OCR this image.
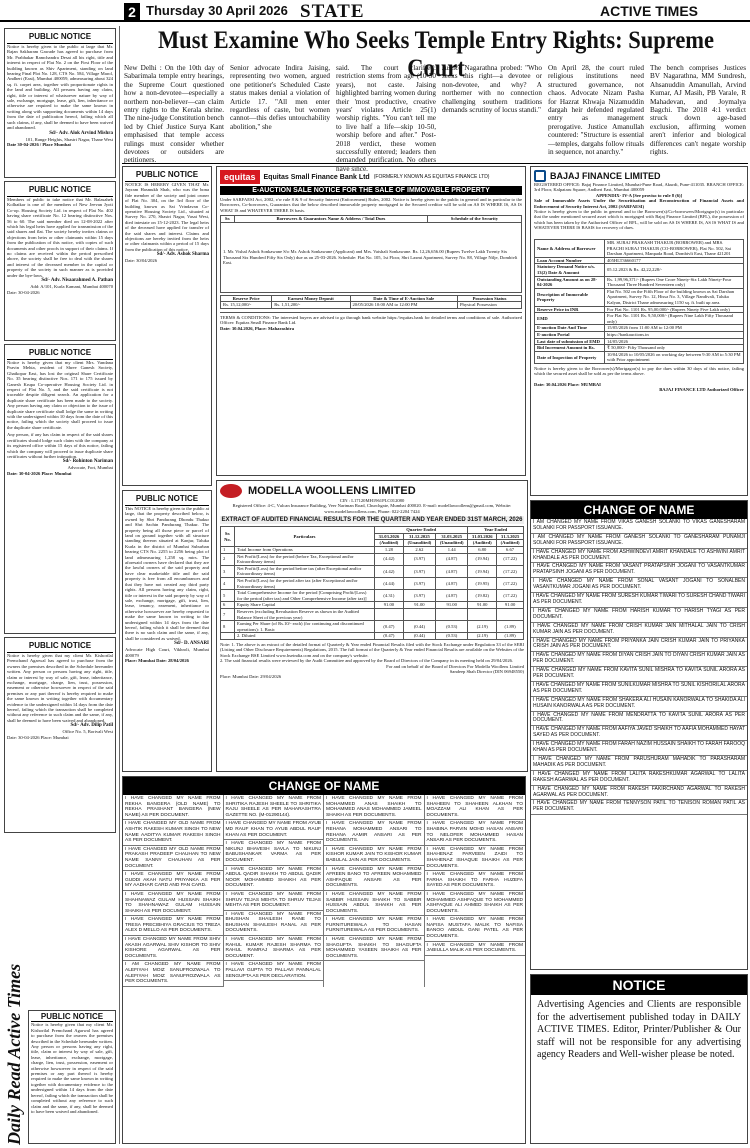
2 Thursday 30 April 2026 STATE	ACTIVE TIMES
PUBLIC NOTICE
Notice is hereby given to the public at large that Mr. Rajan Sakharam Gawade has agreed to purchase from Mr. Prabhakar Ramchandra Desai all his right, title and interest in respect of Flat No. 2 on the First Floor of the building known as Shiv Apartment, standing on land bearing Final Plot No. 128, CTS No. 584, Village Marol, Andheri (East), Mumbai 400059, admeasuring about 324 sq. ft. carpet area, together with proportionate rights in the land and building. All persons having any claim, right, title or interest of whatsoever nature by way of sale, exchange, mortgage, lease, gift, lien, inheritance or otherwise are required to make the same known in writing along with supporting documents within 14 days from the date of publication hereof, failing which all such claims, if any, shall be deemed to have been waived and abandoned.
Sd/- Adv. Alok Arvind Mishra
101, Range Heights, Shastri Nagar, Thane West
Date 30-04-2026 / Place Mumbai
PUBLIC NOTICE
Members of public to take notice that Mr. Balasaheb Kolhatkar is one of the members of New Jeevan Jyoti Co-op. Housing Society Ltd. in respect of Flat No. 402 having share certificate No. 12 bearing distinctive Nos. 56 to 60. The said member died on 12-08-2022 after which his legal heirs have applied for transmission of the said shares and flat. The society hereby invites claims or objections from heirs or other claimants within 15 days from the publication of this notice, with copies of such documents and other proofs in support of their claims. If no claims are received within the period prescribed above, the society shall be free to deal with the shares and interest of the deceased member in the capital or property of the society in such manner as is provided under the bye-laws.
Sd/- Adv. Nisaarahmed A. Pathan
Add: A/101, Kurla Kamani, Mumbai 400070
Date: 30-04-2026
PUBLIC NOTICE
Notice is hereby given that my client Mrs. Vandana Pravin Mehta, resident of Shree Ganesh Society, Ghatkopar East, has lost the original Share Certificate No. 35 bearing distinctive Nos. 171 to 175 issued by Ganesh Krupa Co-operative Housing Society Ltd. in respect of Flat No. 5, and the said certificate is not traceable despite diligent search. An application for a duplicate share certificate has been made to the society. Any person having any claim or objection to the issue of duplicate share certificate shall lodge the same in writing with the undersigned within 10 days from the date of this notice, failing which the society shall proceed to issue the duplicate share certificate.
Any person, if any has claim in respect of the said shares certificates should lodge such claim with the company at its registered office within 15 days of this notice, failing which the company will proceed to issue duplicate share certificates without further intimation.
Sd/- Rohinton Nariman
Advocate, Fort, Mumbai
Date: 30-04-2026 Place: Mumbai
PUBLIC NOTICE
Notice is hereby given that my client Mr. Kishorilal Premchand Agarwal has agreed to purchase from the owners the premises described in the Schedule hereunder written. Any person or persons having any right, title, claim or interest by way of sale, gift, lease, inheritance, exchange, mortgage, charge, lien, trust, possession, easement or otherwise howsoever in respect of the said premises or any part thereof is hereby required to make the same known in writing together with documentary evidence to the undersigned within 14 days from the date hereof, failing which the transaction shall be completed without any reference to such claim and the same, if any, shall be deemed to have been waived and abandoned.
Sd/- Adv. Dilip Patil
Office No. 5, Borivali West
Date: 30-04-2026 Place: Mumbai
Daily Read Active Times	PUBLIC NOTICE
Notice is hereby given that my client Mr. Kishorilal Premchand Agarwal has agreed to purchase from the owners the premises described in the Schedule hereunder written. Any person or persons having any right, title, claim or interest by way of sale, gift, lease, inheritance, exchange, mortgage, charge, lien, trust, possession, easement or otherwise howsoever in respect of the said premises or any part thereof is hereby required to make the same known in writing together with documentary evidence to the undersigned within 14 days from the date hereof, failing which the transaction shall be completed without any reference to such claim and the same, if any, shall be deemed to have been waived and abandoned.
Must Examine Who Seeks Temple Entry Rights: Supreme Court
New Delhi : On the 10th day of Sabarimala temple entry hearings, the Supreme Court questioned how a non-devotee—especially a northern non-believer—can claim entry rights to the Kerala shrine. The nine-judge Constitution bench led by Chief Justice Surya Kant emphasised that temple access rulings must consider whether devotees or outsiders are petitioners.
Senior advocate Indira Jaising, representing two women, argued one petitioner's Scheduled Caste status makes denial a violation of Article 17. "All men enter regardless of caste, but women cannot—this defies untouchability abolition," she
said. The court clarified: restriction stems from age (10-50 years), not caste. Jaising highlighted barring women during their 'most productive, creative years' violates Article 25(1) worship rights. "You can't tell me to live half a life—skip 10-50, worship before and after." Post-2018 verdict, these women successfully entered; leaders then demanded purification. No others have since.
Justice Nagarathna probed: "Who seeks this right—a devotee or non-devotee, and why? A northerner with no connection challenging southern traditions demands scrutiny of locus standi."
On April 28, the court ruled religious institutions need structured governance, not chaos. Advocate Nizam Pasha for Hazrat Khwaja Nizamuddin dargah heir defended regulated entry as management prerogative. Justice Amanullah countered: "Structure is essential—temples, dargahs follow rituals in sequence, not anarchy."
The bench comprises Justices BV Nagarathna, MM Sundresh, Ahsanuddin Amanullah, Arvind Kumar, AJ Masih, PB Varale, R Mahadevan, and Joymalya Bagchi. The 2018 4:1 verdict struck down age-based exclusion, affirming women aren't inferior and biological differences can't negate worship rights.
PUBLIC NOTICE
NOTICE IS HEREBY GIVEN THAT Mr. Jayram Hasmukh Shah, who was the bona fide member of the society and joint owner of Flat No. 304, on the 3rd floor of the building known as Sai Vrindavan Co-operative Housing Society Ltd., situated at Survey No. 270, Shastri Nagar, Vasai West, died intestate on 15-12-2023. The legal heirs of the deceased have applied for transfer of the said shares and interest. Claims and objections are hereby invited from the heirs or other claimants within a period of 15 days from the publication of this notice.
Sd/- Adv. Ashok Sharma
Date: 30/04/2026
equitas	Equitas Small Finance Bank Ltd (FORMERLY KNOWN AS EQUITAS FINANCE LTD)
E-AUCTION SALE NOTICE FOR THE SALE OF IMMOVABLE PROPERTY
Under SARFAESI Act, 2002, r/w rule 8 & 9 of Security Interest (Enforcement) Rules, 2002. Notice is hereby given to the public in general and in particular to the Borrowers, Co-borrowers, Guarantors that the below described immovable property mortgaged to the Secured creditor will be sold on AS IS WHERE IS, AS IS WHAT IS and WHATEVER THERE IS basis.
Sr.	Borrowers & Guarantors Name & Address / Total Dues	Schedule of the Security
1. Mr. Vishal Ashok Sonkawane S/o Mr. Ashok Sonkawane (Applicant) and Mrs. Vaishali Sonkawane. Rs. 12,26,656.00 (Rupees Twelve Lakh Twenty Six Thousand Six Hundred Fifty Six Only) due as on 25-03-2026. Schedule: Flat No. 105, 1st Floor, Shri Laxmi Apartment, Survey No. 88, Village Nilje, Dombivli East.
Reserve Price	Earnest Money Deposit	Date & Time of E-Auction Sale	Possession Status
Rs. 15,12,000/-	Rs. 1,51,200/-	20/05/2026 10:00 AM to 12:00 PM	Physical Possession
TERMS & CONDITIONS: The interested buyers are advised to go through bank website https://equitas.bank for detailed terms and conditions of sale. Authorized Officer: Equitas Small Finance Bank Ltd.
Date: 30.04.2026, Place: Maharashtra
BAJAJ FINANCE LIMITED
REGISTERED OFFICE: Bajaj Finance Limited, Mumbai-Pune Road, Akurdi, Pune-411035. BRANCH OFFICE: 3rd Floor, Kalpataru Square, Andheri East, Mumbai 400059
APPENDIX- IV-A [See proviso to rule 8 (6)]
Sale of Immovable Assets Under the Securitisation and Reconstruction of Financial Assets and Enforcement of Security Interest Act, 2002 (SARFAESI)
Notice is hereby given to the public in general and to the Borrower(s)/Co-borrowers/Mortgagor(s) in particular that the under mentioned secured asset which is mortgaged with Bajaj Finance Limited (BFL), the possession of which has been taken by the Authorised Officer of BFL, will be sold on AS IS WHERE IS, AS IS WHAT IS and WHATEVER THERE IS BASIS for recovery of dues.
Name & Address of Borrower	MR. SURAJ PRAKASH THAKUR (BORROWER) and MRS. PRACHI SURAJ THAKUR (CO-BORROWER), Flat No. 502, Sai Darshan Apartment, Manpada Road, Dombivli East, Thane 421201
Loan Account Number	405HLT36660177
Statutory Demand Notice u/s. 13(2) Date & Amount	05.12.2023 & Rs. 42,22,228/-
Outstanding Amount as on 28-04-2026	Rs. 1,99,96,371/- (Rupees One Crore Ninety-Six Lakh Ninety-Four Thousand Three Hundred Seventeen only)
Description of Immovable Property	Flat No. 502 on the Fifth Floor of the building known as Sai Darshan Apartment, Survey No. 12, Hissa No. 3, Village Nandivali, Taluka Kalyan, District Thane admeasuring 1150 sq. ft. built up area.
Reserve Price in INR	For Flat No. 1101 Rs. 95,00,000/- (Rupees Ninety Five Lakh only)
EMD	For Flat No. 1101 Rs. 9,50,000/- (Rupees Nine Lakh Fifty Thousand only)
E-auction Date And Time	15/05/2026 from 11:00 AM to 12:00 PM
E-auction Portal	https://bankauctions.in
Last date of submission of EMD	14/05/2026
Bid Increment Amount in Rs.	₹ 50,000/- Fifty Thousand only
Date of Inspection of Property	10/04/2026 to 10/05/2026 on working day between 9:30 AM to 5:30 PM with Prior appointment
Notice is hereby given to the Borrower(s)/Mortgagor(s) to pay the dues within 30 days of this notice, failing which the secured asset shall be sold as per the terms above.
Date: 30.04.2026 Place: MUMBAI
BAJAJ FINANCE LTD Authorized Officer
PUBLIC NOTICE
This NOTICE is hereby given to the public at large, that the property described below, is owned by Shri Pandurang Dhondu Thakur and Shri Sachin Pandurang Thakur. The property being all those piece or parcel of land on ground together with all structure standing thereon situated at Kanjur, Taluka Kurla in the district of Mumbai Suburban bearing CTS No. 2255 to 2256 being plot of land admeasuring 1,258 sq. mtrs. The aforesaid owners have declared that they are the lawful owners of the said property and have clear marketable title and the said property is free from all encumbrances and that they have not created any third party rights. All persons having any claim, right, title or interest in the said property by way of sale, exchange, mortgage, gift, trust, lien, lease, tenancy, easement, inheritance or otherwise howsoever are hereby requested to make the same known in writing to the undersigned within 14 days from the date hereof, failing which it shall be deemed that there is no such claim and the same, if any, shall be considered as waived.
Sd/- D. ANSARI
Advocate High Court, Vikhroli, Mumbai 400079
Place: Mumbai Date: 28/04/2026
MODELLA WOOLLENS LIMITED
CIN : L17120MH1961PLC012080
Registered Office: 4-C, Vulcan Insurance Building, Veer Nariman Road, Churchgate, Mumbai 400020. E-mail: modellawoollens@gmail.com, Website: www.modellawoollens.com, Phone: 022-2204 7424
EXTRACT OF AUDITED FINANCIAL RESULTS FOR THE QUARTER AND YEAR ENDED 31ST MARCH, 2026
Sr. No.	Particulars	Quarter Ended			Year Ended	
		31.03.2026	31.12.2025	31.03.2025	31.03.2026	31.3.2025
		(Audited)	(Unaudited)	(Unaudited)	(Audited)	(Audited)
1	Total Income from Operations	1.28	2.62	1.44	6.80	6.67
2	Net Profit/(Loss) for the period (before Tax, Exceptional and/or Extraordinary items)	(4.42)	(3.97)	(4.87)	(19.94)	(17.22)
3	Net Profit/(Loss) for the period before tax (after Exceptional and/or Extraordinary items)	(4.42)	(3.97)	(4.87)	(19.94)	(17.22)
4	Net Profit/(Loss) for the period after tax (after Exceptional and/or Extraordinary items)	(4.44)	(3.97)	(4.87)	(19.95)	(17.22)
5	Total Comprehensive Income for the period [Comprising Profit/(Loss) for the period (after tax) and Other Comprehensive Income (after tax)]	(4.31)	(3.97)	(4.87)	(19.82)	(17.22)
6	Equity Share Capital	91.00	91.00	91.00	91.00	91.00
7	Reserves (excluding Revaluation Reserve as shown in the Audited Balance Sheet of the previous year)					
8	Earning Per Share (of Rs.10/- each) (for continuing and discontinued operations): 1. Basic	(0.47)	(0.44)	(0.53)	(2.19)	(1.89)
	2. Diluted	(0.47)	(0.44)	(0.53)	(2.19)	(1.89)
Note: 1. The above is an extract of the detailed format of Quarterly & Year ended Financial Results filed with the Stock Exchange under Regulation 33 of the SEBI (Listing and Other Disclosure Requirements) Regulations, 2015. The full format of the Quarterly & Year ended Financial Results are available on the Websites of the Stock Exchange BSE Limited www.bseindia.com and on the company's website.
2. The said financial results were reviewed by the Audit Committee and approved by the Board of Directors of the Company in its meeting held on 29/04/2026.
For and on behalf of the Board of Directors For Modella Woollens Limited
Sandeep Shah Director (DIN 06948550)
Place: Mumbai Date: 29/04/2026
CHANGE OF NAME
I HAVE CHANGED MY NAME FROM REKHA BANGERA (OLD NAME) TO REKHA PRASHANT BANGERA (NEW NAME) AS PER DOCUMENT.
I HAVE CHANGED MY OLD NAME FROM ASHTIK RAKESH KUMAR SINGH TO NEW NAME AADITYA KUMAR RAKESH SINGH AS PER DOCUMENT.
I HAVE CHANGED MY OLD NAME FROM PRAKASH PRADEEP CHAUHAN TO NEW NAME SANNY CHAUHAN AS PER DOCUMENT.
I HAVE CHANGED MY NAME FROM GUDDI AKAH NATU PRIYANKA AS PER MY AADHAR CARD AND PAN CARD.
I HAVE CHANGED MY NAME FROM SHAHNAWAZ GULAM HUSSAIN SHAIKH TO SHAHNAWAZ GULAM HUSSAIN SHAIKH AS PER DOCUMENT.
I HAVE CHANGED MY NAME FROM TRESA PRECIBHIYA GRACIUS TO TREZA ALEX D MELLO AS PER DOCUMENTS.
I HAVE CHANGED MY NAME FROM SHIV AKASH AGARWAL SHIV KISHOR TO SHIV KISHORE AGARWAL AS PER DOCUMENTS.
I AM CHANGED MY NAME FROM ALEFIYAH MOIZ SANUFROZWALA TO ALEFIYAH MOIZ SANUFROZWALA AS PER DOCUMENTS.
I HAVE CHANGED MY NAME FROM SHRITIKA RAJESH SHEELE TO SHRITIKA RAJU SHEELE AS PER MAHARASHTRA GAZETTE NO. (M-01290144).
I HAVE CHANGED MY NAME FROM AYUB MD RAUF KHAN TO AYUB ABDUL RAUF KHAN AS PER DOCUMENT.
I HAVE CHANGED MY NAME FROM NIKUNJ BHAVESH SAVLA TO NIKUNJ BABUSHANKAR VARMA AS PER DOCUMENT.
I HAVE CHANGED MY NAME FROM ABDUL QADIR SHAIKH TO ABDUL QADIR NOOR MOHAMMED SHAIKH AS PER DOCUMENT.
I HAVE CHANGED MY NAME FROM SHRUV TEJAS MEHTA TO SHRUV TEJAS MEHTA AS PER DOCUMENT.
I HAVE CHANGED MY NAME FROM BHUSHAN SHAILESH RANE TO BHUSHAN SHAILESH RANAL AS PER DOCUMENTS.
I HAVE CHANGED MY NAME FROM RAHUL KUMAR RAJESH SHARMA TO RAHUL RAMRAJ SHARMA AS PER DOCUMENT.
I HAVE CHANGED MY NAME FROM PALLAVI GUPTA TO PALLAVI PANNALAL SENGUPTA AS PER DECLARATION.
I HAVE CHANGED MY NAME FROM MOHAMMED ANAS SHAIKH TO MOHAMMED ANAS MOHAMMED JAMEEL SHAIKH AS PER DOCUMENTS.
I HAVE CHANGED MY NAME FROM REHANA MOHAMMED ANSARI TO REHANA AAMIR ANSARI AS PER DOCUMENTS.
I HAVE CHANGED MY NAME FROM KISHOR KUMAR JAIN TO KISHOR KUMAR BABULAL JAIN AS PER DOCUMENTS.
I HAVE CHANGED MY NAME FROM AFREEN BANO TO AFREEN MOHAMMED ASHFAQUE ANSARI AS PER DOCUMENTS.
I HAVE CHANGED MY NAME FROM SABBIR HUSSAIN SHAIKH TO SABBIR HUSSAIN ABDUL SHAIKH AS PER DOCUMENTS.
I HAVE CHANGED MY NAME FROM FURNITUREWALA TO HASAN FURNITUREWALA AS PER DOCUMENTS.
I HAVE CHANGED MY NAME FROM SHAGUFTA SHAIKH TO SHAGUFTA MOHAMMED YASEEN SHAIKH AS PER DOCUMENTS.
I HAVE CHANGED MY NAME FROM SHAHEEN TO SHAHEEN ALKHAN TO MOAZZAM ALI KHAN AS PER DOCUMENTS.
I HAVE CHANGED MY NAME FROM SHABINA PARVIN MOHD HASAN ANSARI TO NELOFER MOHAMMED HASAN ANSARI AS PER DOCUMENTS.
I HAVE CHANGED MY NAME FROM SHAHENAZ PARVEEN ZAIDI TO SHAHENAZ ISHAQUE SHAIKH AS PER DOCUMENTS.
I HAVE CHANGED MY NAME FROM FARHA SHAIKH TO FARHA HUZEFA SAYED AS PER DOCUMENTS.
I HAVE CHANGED MY NAME FROM MOHAMMED ASHFAQUE TO MOHAMMED ASHFAQUE ALI AHMED SHAIKH AS PER DOCUMENTS.
I HAVE CHANGED MY NAME FROM NAFISA MUSTAFA MALIK TO NAFISA BANOO ABDUL GANI PATEL AS PER DOCUMENTS.
I HAVE CHANGED MY NAME FROM JABIULLA MALIK AS PER DOCUMENTS.
CHANGE OF NAME
I AM CHANGED MY NAME FROM VIKAS GANESH SOLANKI TO VIKAS GANESHARAM SOLANKI FOR PASSPORT ISSUANCE.
I AM CHANGED MY NAME FROM GANESH SOLANKI TO GANESHARAM PUNAMJI SOLANKI FOR PASSPORT ISSUANCE.
I HAVE CHANGED MY NAME FROM ASHWINDEVI AMRIT KHANDALE TO ASHWINI AMRIT KHANDALE AS PER DOCUMENT.
I HAVE CHANGED MY NAME FROM VASANT PRATAPSINH JOGANI TO VASANTKUMAR PRATAPSINH JOGANI AS PER DOCUMENT.
I HAVE CHANGED MY NAME FROM SONAL VASANT JOGANI TO SONALBEN VASANTKUMAR JOGANI AS PER DOCUMENT.
I HAVE CHANGED MY NAME FROM SURESH KUMAR TIWARI TO SURESH CHAND TIWARI AS PER DOCUMENT.
I HAVE CHANGED MY NAME FROM HARISH KUMAR TO HARISH TYAGI AS PER DOCUMENT.
I HAVE CHANGED MY NAME FROM CRISH KUMAR JAIN MITHALAL JAIN TO CRISH KUMAR JAIN AS PER DOCUMENT.
I HAVE CHANGED MY NAME FROM PRIYANKA JAIN CRISH KUMAR JAIN TO PRIYANKA CRISH JAIN AS PER DOCUMENT.
I HAVE CHANGED MY NAME FROM DIYAN CRISH JAIN TO DIYAN CRISH KUMAR JAIN AS PER DOCUMENT.
I HAVE CHANGED MY NAME FROM KAVITA SUNIL MISHRA TO KAVITA SUNIL ARORA AS PER DOCUMENT.
I HAVE CHANGED MY NAME FROM SUNILKUMAR MISHRA TO SUNIL KISHORILAL ARORA AS PER DOCUMENT.
I HAVE CHANGED MY NAME FROM SHAKERA ALI HUSAIN KANORWALA TO SHAKIDA ALI HUSAIN KANORWALA AS PER DOCUMENT.
I HAVE CHANGED MY NAME FROM MENDRATTA TO KAVITA SUNIL ARORA AS PER DOCUMENT.
I HAVE CHANGED MY NAME FROM AAFIYA JAVED SHAIKH TO AAFIA MOHAMMED HAYAT SAYED AS PER DOCUMENT.
I HAVE CHANGED MY NAME FROM FARAH NAZIM HUSSAIN SHAIKH TO FARAH FAROOQ KHAN AS PER DOCUMENT.
I HAVE CHANGED MY NAME FROM PARUSHURAM MAHADIK TO PARASHARAM MAHADIK AS PER DOCUMENT.
I HAVE CHANGED MY NAME FROM LALITA RAKESHKUMAR AGARWAL TO LALITA RAKESH AGARWAL AS PER DOCUMENT.
I HAVE CHANGED MY NAME FROM RAKESH FAKIRCHAND AGARWAL TO RAKESH AGARWAL AS PER DOCUMENT.
I HAVE CHANGED MY NAME FROM TENNYSON PATIL TO TENISON ROMAN PATIL AS PER DOCUMENT.
NOTICE
Advertising Agencies and Clients are responsible for the advertisement published today in DAILY ACTIVE TIMES. Editor, Printer/Publisher & Our staff will not be responsible for any advertising agency Readers and Well-wisher please be noted.
